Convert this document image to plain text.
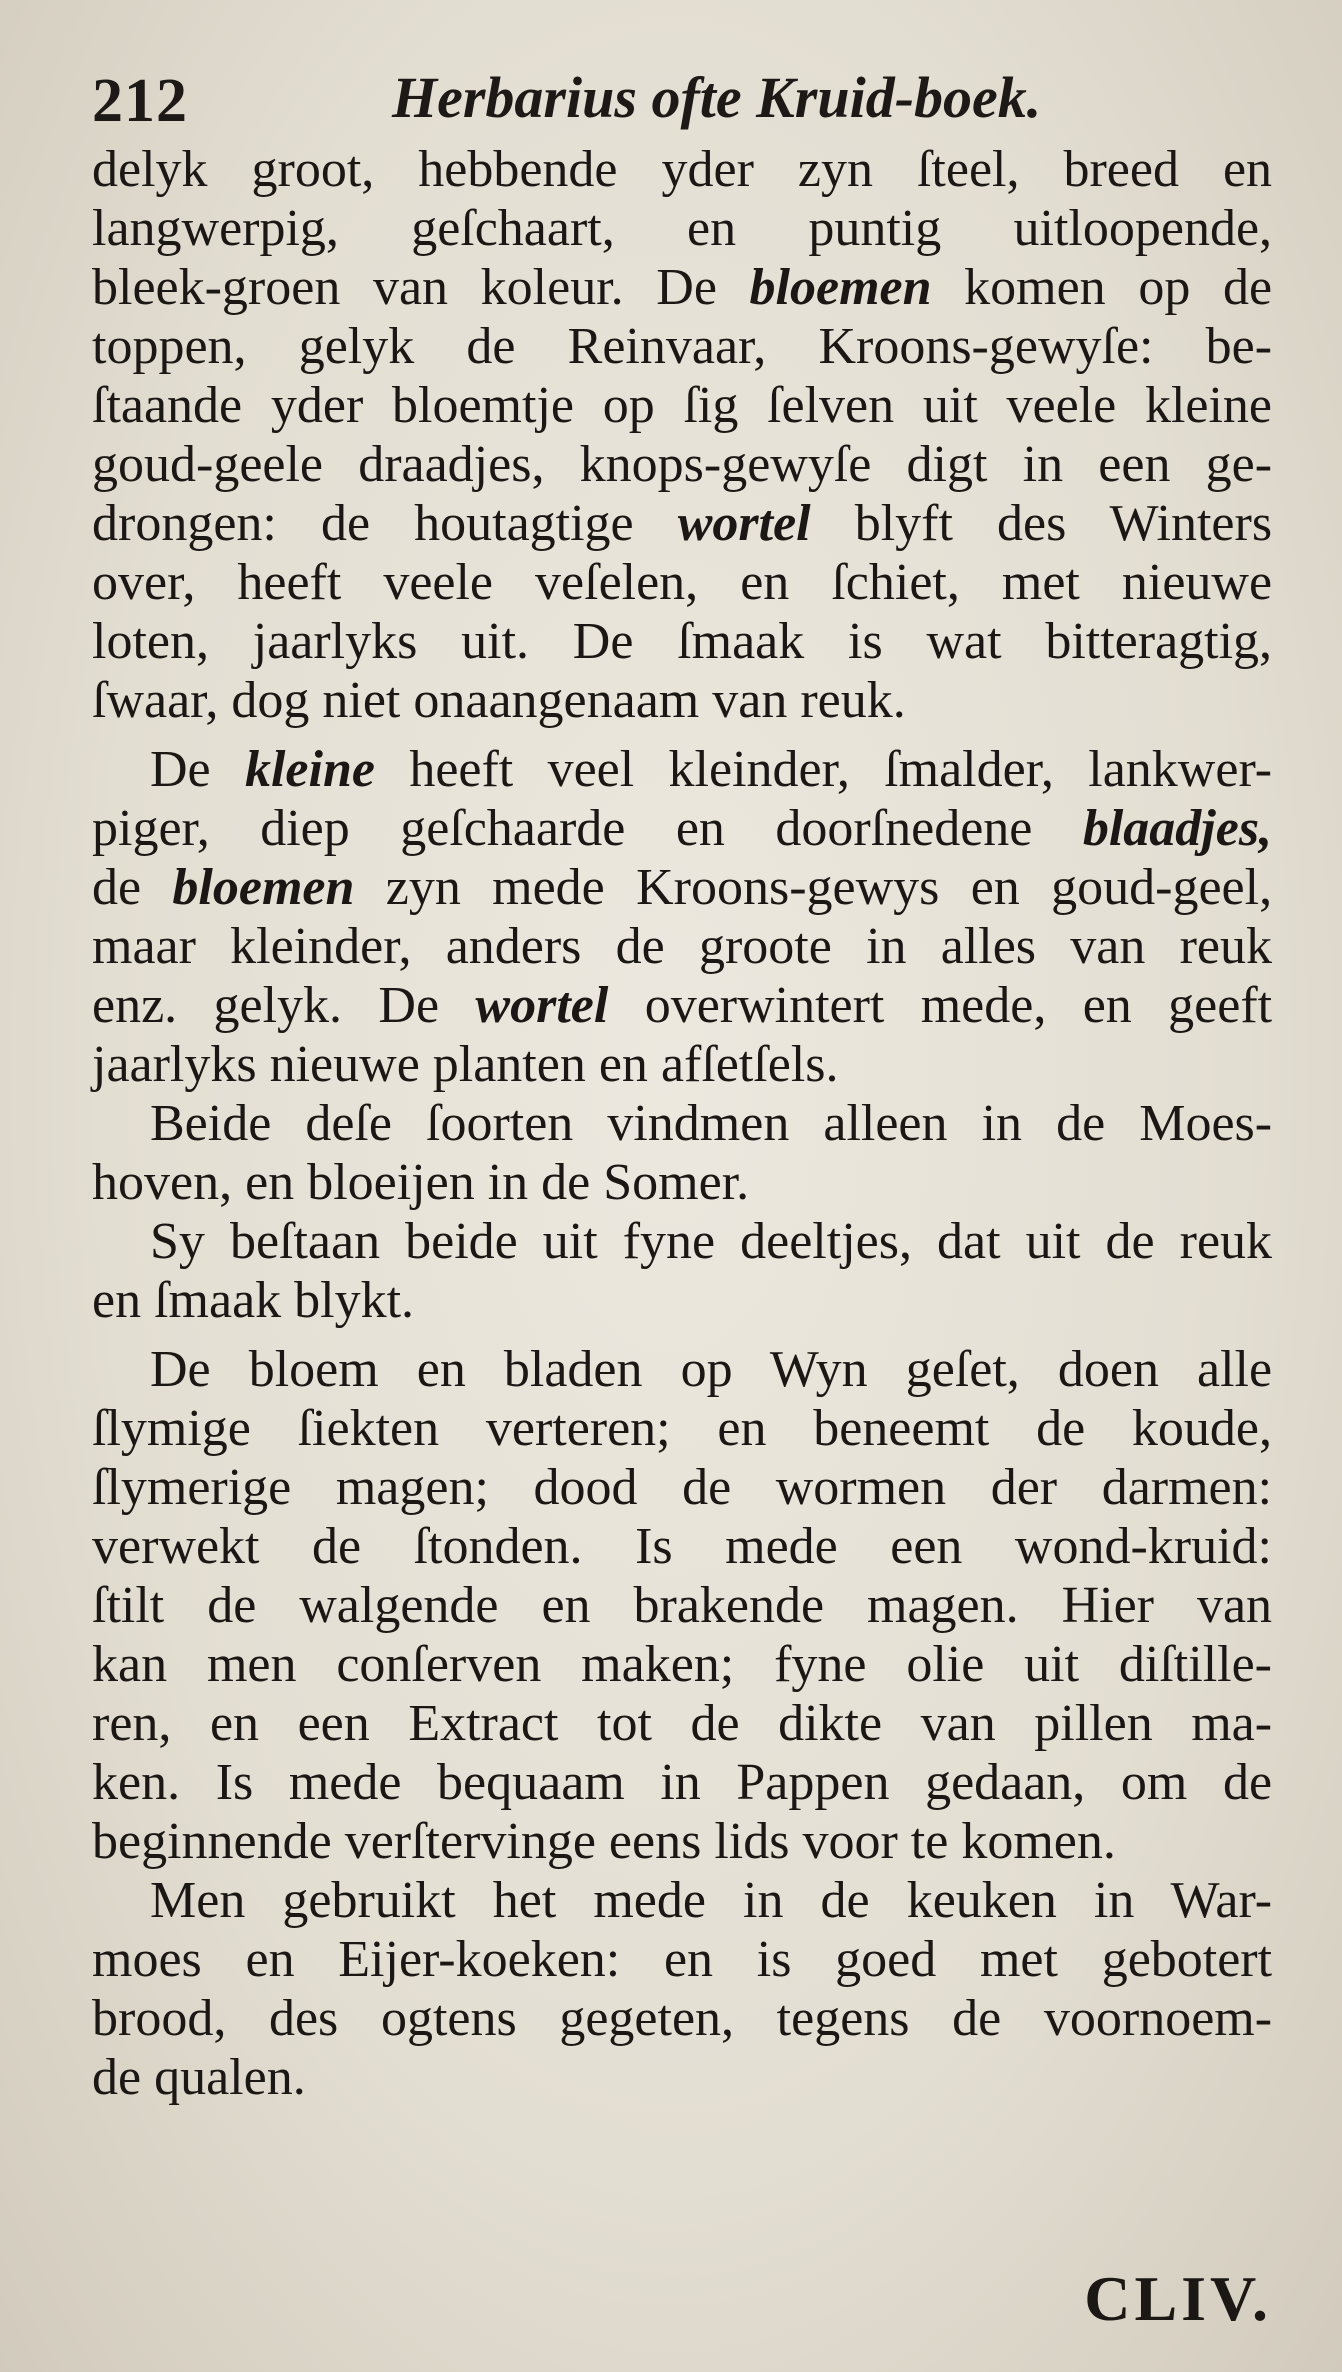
212	Herbarius ofte Kruid-boek.
delyk groot, hebbende yder zyn ſteel, breed en
langwerpig, geſchaart, en puntig uitloopende,
bleek-groen van koleur. De bloemen komen op de
toppen, gelyk de Reinvaar, Kroons-gewyſe: be-
ſtaande yder bloemtje op ſig ſelven uit veele kleine
goud-geele draadjes, knops-gewyſe digt in een ge-
drongen: de houtagtige wortel blyft des Winters
over, heeft veele veſelen, en ſchiet, met nieuwe
loten, jaarlyks uit. De ſmaak is wat bitteragtig,
ſwaar, dog niet onaangenaam van reuk.
De kleine heeft veel kleinder, ſmalder, lankwer-
piger, diep geſchaarde en doorſnedene blaadjes,
de bloemen zyn mede Kroons-gewys en goud-geel,
maar kleinder, anders de groote in alles van reuk
enz. gelyk. De wortel overwintert mede, en geeft
jaarlyks nieuwe planten en afſetſels.
Beide deſe ſoorten vindmen alleen in de Moes-
hoven, en bloeijen in de Somer.
Sy beſtaan beide uit fyne deeltjes, dat uit de reuk
en ſmaak blykt.
De bloem en bladen op Wyn geſet, doen alle
ſlymige ſiekten verteren; en beneemt de koude,
ſlymerige magen; dood de wormen der darmen:
verwekt de ſtonden. Is mede een wond-kruid:
ſtilt de walgende en brakende magen. Hier van
kan men conſerven maken; fyne olie uit diſtille-
ren, en een Extract tot de dikte van pillen ma-
ken. Is mede bequaam in Pappen gedaan, om de
beginnende verſtervinge eens lids voor te komen.
Men gebruikt het mede in de keuken in War-
moes en Eijer-koeken: en is goed met gebotert
brood, des ogtens gegeten, tegens de voornoem-
de qualen.
CLIV.
